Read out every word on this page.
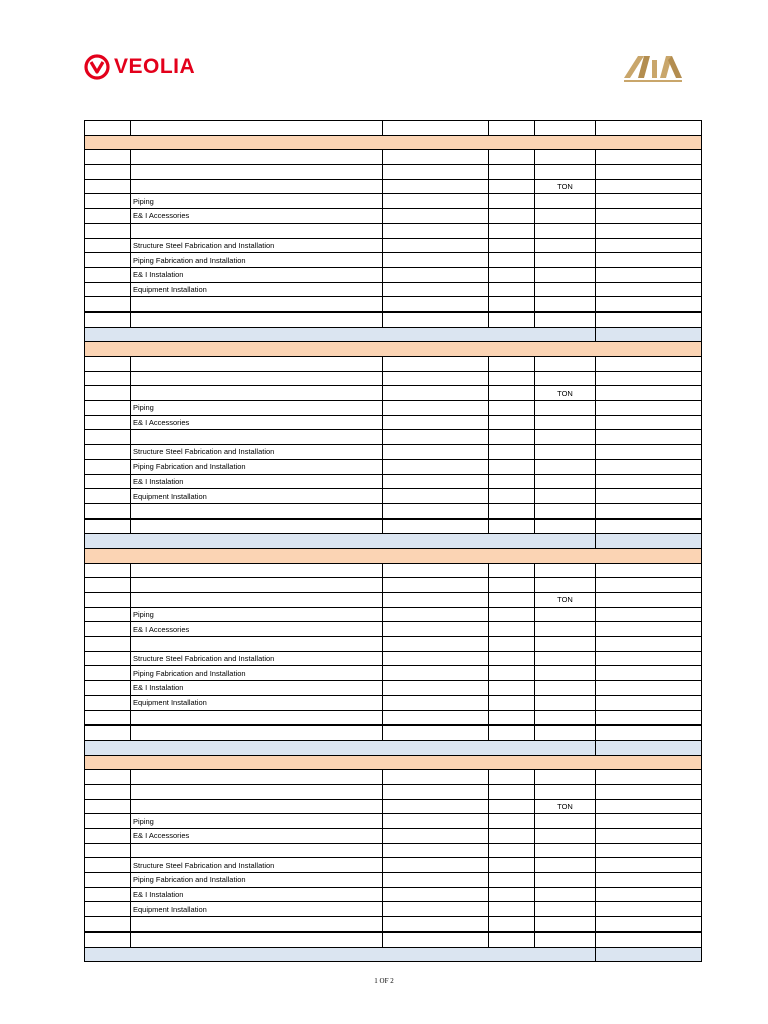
VEOLIA

				TON	
	Piping				
	E& I Accessories				

	Structure Steel Fabrication and Installation				
	Piping Fabrication and Installation				
	E& I Instalation				
	Equipment Installation				

				TON	
	Piping				
	E& I Accessories				

	Structure Steel Fabrication and Installation				
	Piping Fabrication and Installation				
	E& I Instalation				
	Equipment Installation				

				TON	
	Piping				
	E& I Accessories				

	Structure Steel Fabrication and Installation				
	Piping Fabrication and Installation				
	E& I Instalation				
	Equipment Installation				

				TON	
	Piping				
	E& I Accessories				

	Structure Steel Fabrication and Installation				
	Piping Fabrication and Installation				
	E& I Instalation				
	Equipment Installation				

1 OF 2
